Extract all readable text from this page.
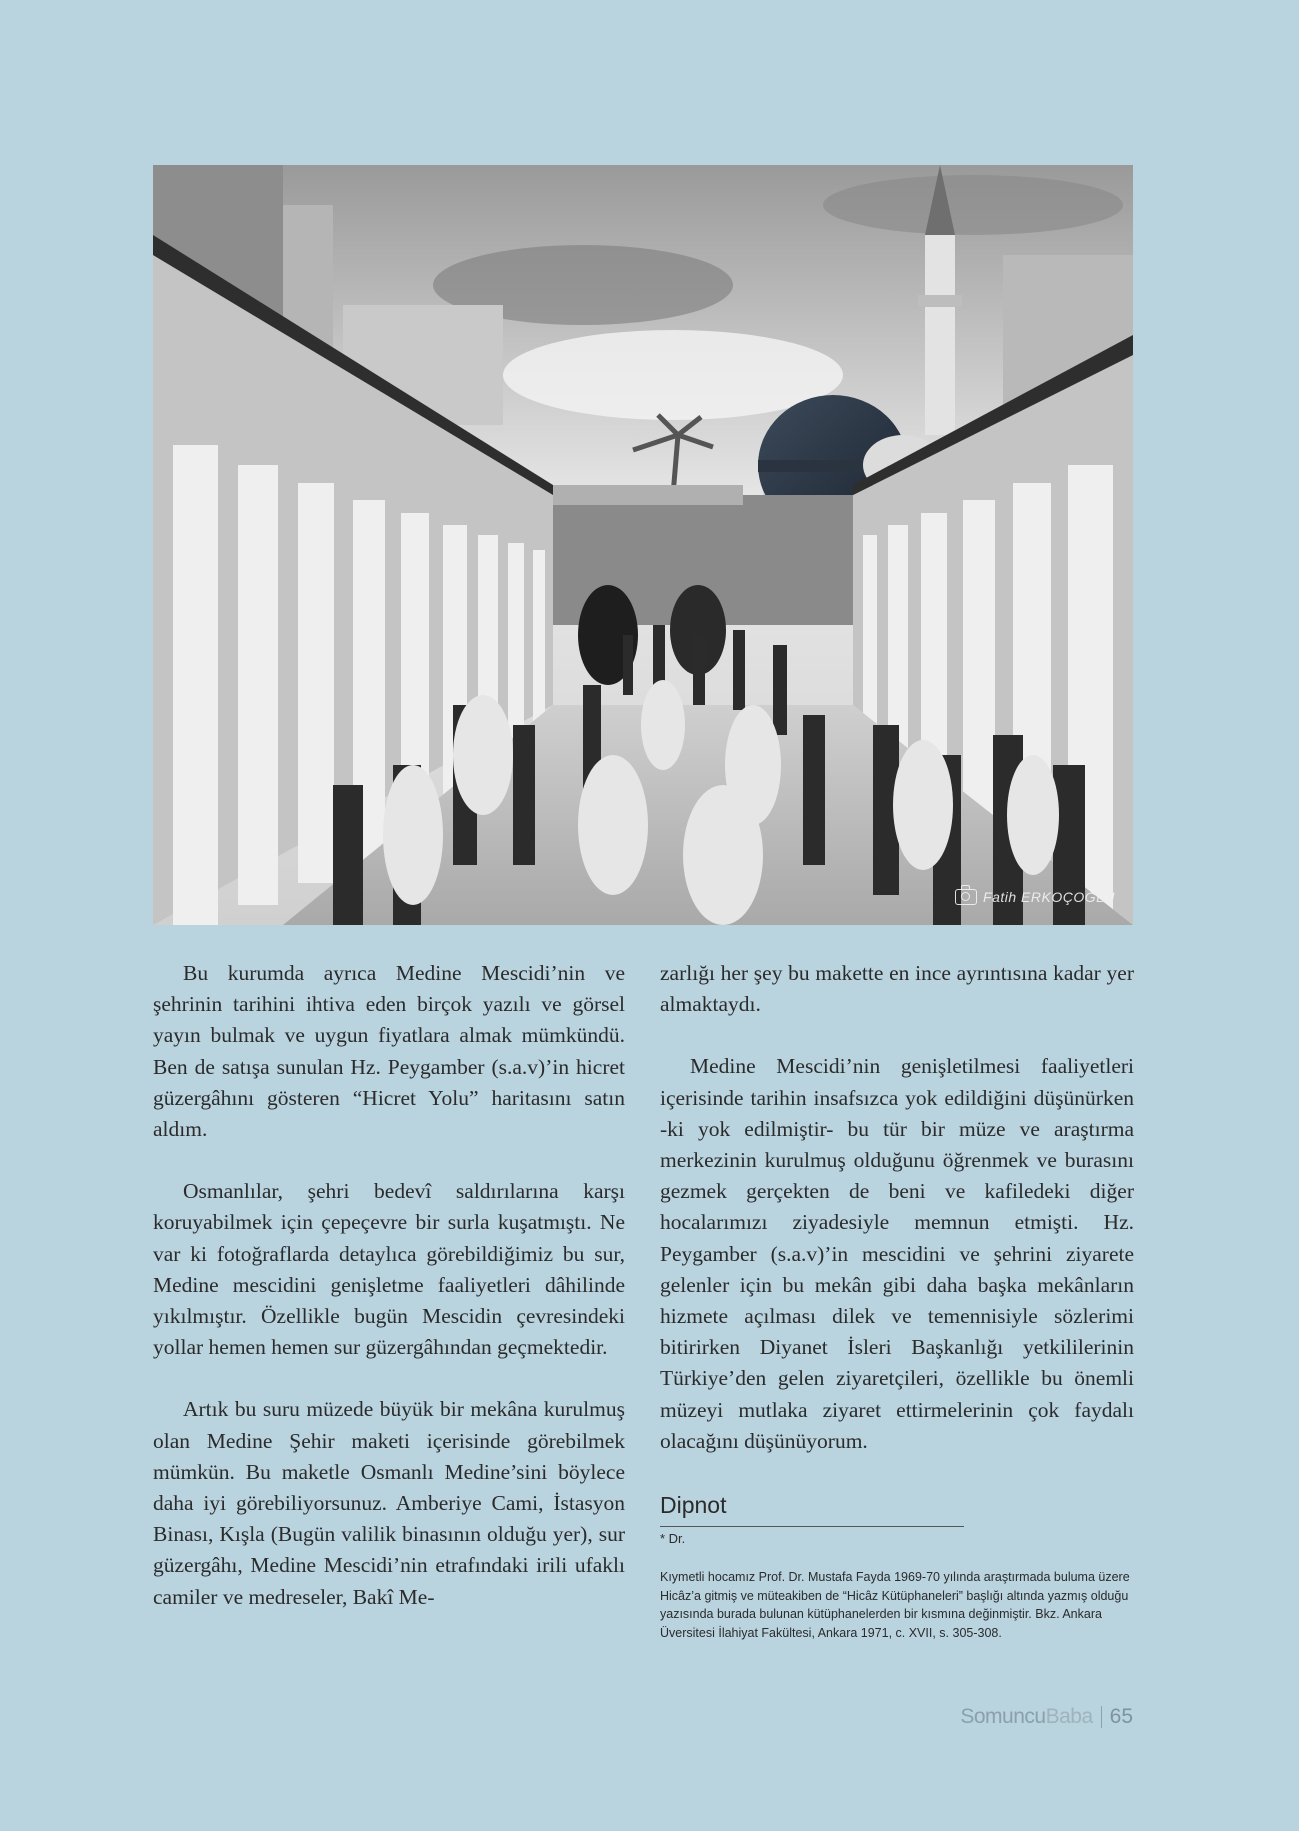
Fatih ERKOÇOĞLU

Bu kurumda ayrıca Medine Mescidi’nin ve şehrinin tarihini ihtiva eden birçok yazılı ve görsel yayın bulmak ve uygun fiyatlara almak mümkündü. Ben de satışa sunulan Hz. Peygamber (s.a.v)’in hicret güzergâhını gösteren “Hicret Yolu” haritasını satın aldım.

Osmanlılar, şehri bedevî saldırılarına karşı koruyabilmek için çepeçevre bir surla kuşatmıştı. Ne var ki fotoğraflarda detaylıca görebildiğimiz bu sur, Medine mescidini genişletme faaliyetleri dâhilinde yıkılmıştır. Özellikle bugün Mescidin çevresindeki yollar hemen hemen sur güzergâhından geçmektedir.

Artık bu suru müzede büyük bir mekâna kurulmuş olan Medine Şehir maketi içerisinde görebilmek mümkün. Bu maketle Osmanlı Medine’sini böylece daha iyi görebiliyorsunuz. Amberiye Cami, İstasyon Binası, Kışla (Bugün valilik binasının olduğu yer), sur güzergâhı, Medine Mescidi’nin etrafındaki irili ufaklı camiler ve medreseler, Bakî Me-

zarlığı her şey bu makette en ince ayrıntısına kadar yer almaktaydı.

Medine Mescidi’nin genişletilmesi faaliyetleri içerisinde tarihin insafsızca yok edildiğini düşünürken -ki yok edilmiştir- bu tür bir müze ve araştırma merkezinin kurulmuş olduğunu öğrenmek ve burasını gezmek gerçekten de beni ve kafiledeki diğer hocalarımızı ziyadesiyle memnun etmişti. Hz. Peygamber (s.a.v)’in mescidini ve şehrini ziyarete gelenler için bu mekân gibi daha başka mekânların hizmete açılması dilek ve temennisiyle sözlerimi bitirirken Diyanet İsleri Başkanlığı yetkililerinin Türkiye’den gelen ziyaretçileri, özellikle bu önemli müzeyi mutlaka ziyaret ettirmelerinin çok faydalı olacağını düşünüyorum.

Dipnot
* Dr.
Kıymetli hocamız Prof. Dr. Mustafa Fayda 1969-70 yılında araştırmada buluma üzere Hicâz’a gitmiş ve müteakiben de “Hicâz Kütüphaneleri” başlığı altında yazmış olduğu yazısında burada bulunan kütüphanelerden bir kısmına değinmiştir. Bkz. Ankara Üversitesi İlahiyat Fakültesi, Ankara 1971, c. XVII, s. 305-308.
SomuncuBaba 65
